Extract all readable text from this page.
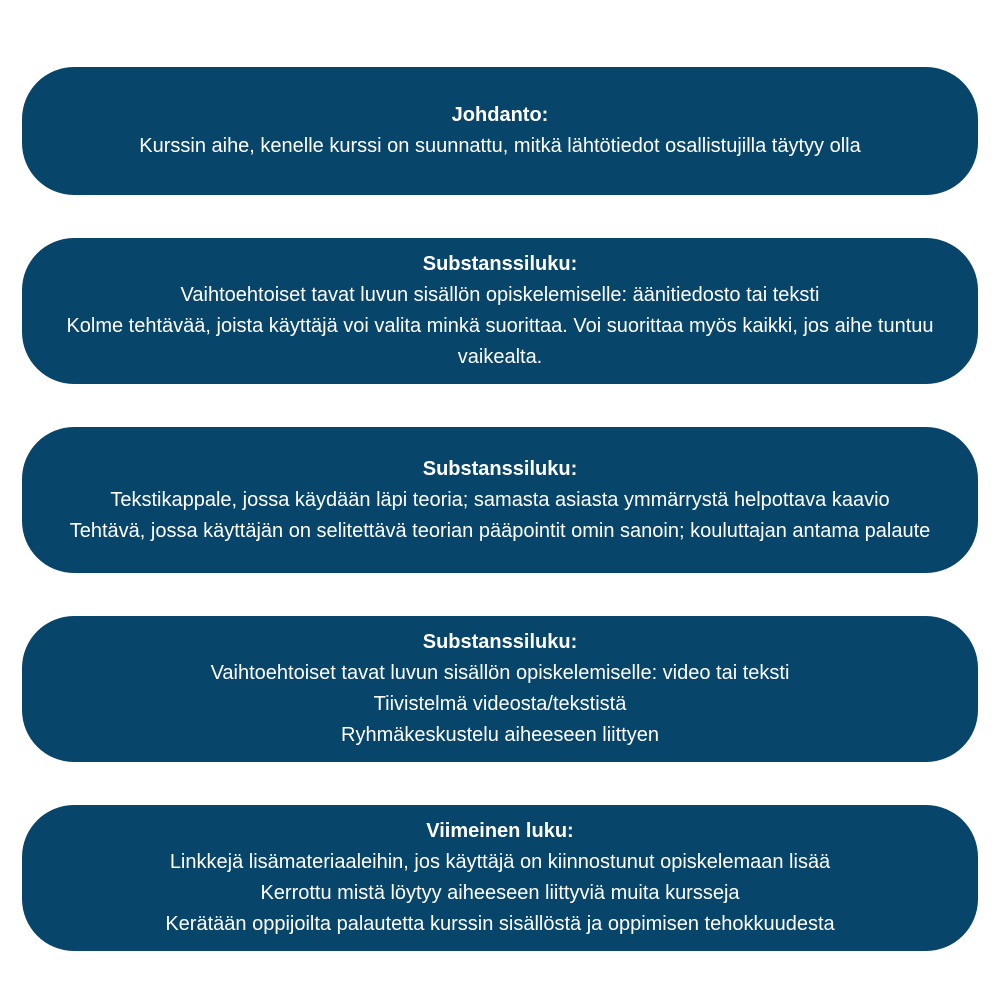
Johdanto:
Kurssin aihe, kenelle kurssi on suunnattu, mitkä lähtötiedot osallistujilla täytyy olla
Substanssiluku:
Vaihtoehtoiset tavat luvun sisällön opiskelemiselle: äänitiedosto tai teksti
Kolme tehtävää, joista käyttäjä voi valita minkä suorittaa. Voi suorittaa myös kaikki, jos aihe tuntuu vaikealta.
Substanssiluku:
Tekstikappale, jossa käydään läpi teoria; samasta asiasta ymmärrystä helpottava kaavio
Tehtävä, jossa käyttäjän on selitettävä teorian pääpointit omin sanoin; kouluttajan antama palaute
Substanssiluku:
Vaihtoehtoiset tavat luvun sisällön opiskelemiselle: video tai teksti
Tiivistelmä videosta/tekstistä
Ryhmäkeskustelu aiheeseen liittyen
Viimeinen luku:
Linkkejä lisämateriaaleihin, jos käyttäjä on kiinnostunut opiskelemaan lisää
Kerrottu mistä löytyy aiheeseen liittyviä muita kursseja
Kerätään oppijoilta palautetta kurssin sisällöstä ja oppimisen tehokkuudesta
